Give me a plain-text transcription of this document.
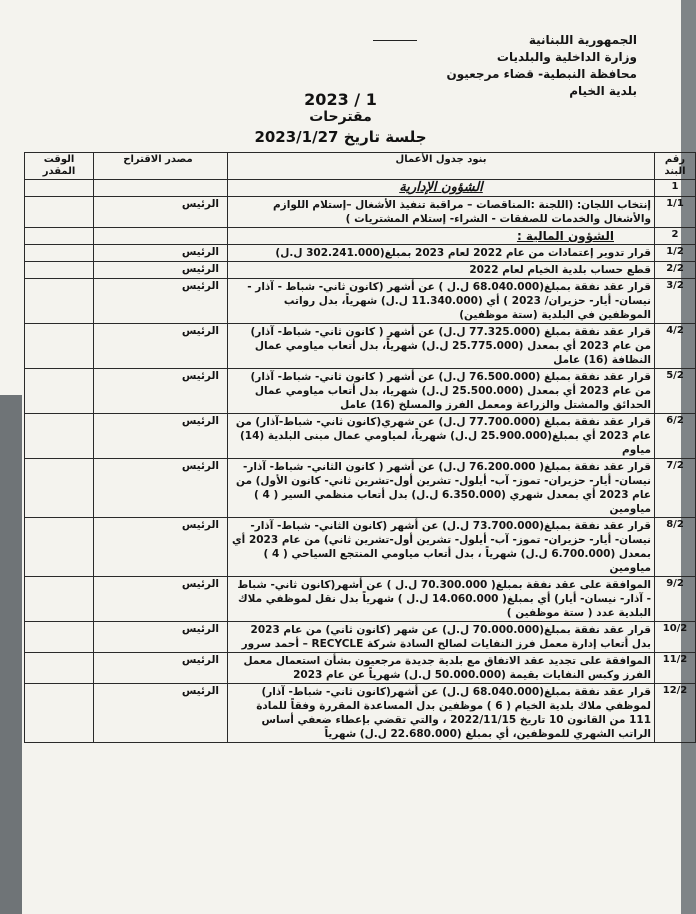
الجمهورية اللبنانية
وزارة الداخلية والبلديات
محافظة النبطية- قضاء مرجعيون
بلدية الخيام
1 / 2023
مقترحات
جلسة تاريخ 2023/1/27
رقم البند	بنود جدول الأعمال	مصدر الاقتراح	الوقت المقدر
1	الشؤون الإدارية		
1/1	إنتخاب اللجان: (اللجنة :المناقصات – مراقبة تنفيذ الأشغال –إستلام اللوازم والأشغال والخدمات للصفقات - الشراء- إستلام المشتريات )	الرئيس	
2	الشؤون المالية :		
1/2	قرار تدوير إعتمادات من عام 2022 لعام 2023 بمبلغ(302.241.000 ل.ل)	الرئيس	
2/2	قطع حساب بلدية الخيام لعام 2022	الرئيس	
3/2	قرار عقد نفقة بمبلغ(68.040.000 ل.ل ) عن أشهر (كانون ثاني- شباط - آذار - نيسان- أيار- حزيران/ 2023 ) أي (11.340.000 ل.ل) شهرياً، بدل رواتب الموظفين في البلدية (ستة موظفين)	الرئيس	
4/2	قرار عقد نفقة بمبلغ (77.325.000 ل.ل) عن أشهر ( كانون ثاني- شباط- آذار) من عام 2023 أي بمعدل (25.775.000 ل.ل) شهرياً، بدل أتعاب مياومي عمال النظافة (16) عامل	الرئيس	
5/2	قرار عقد نفقة بمبلغ (76.500.000 ل.ل) عن أشهر ( كانون ثاني- شباط- آذار) من عام 2023 أي بمعدل (25.500.000 ل.ل) شهريا، بدل أتعاب مياومي عمال الحدائق والمشتل والزراعة ومعمل الفرز والمسلخ (16) عامل	الرئيس	
6/2	قرار عقد نفقة بمبلغ (77.700.000 ل.ل) عن شهري(كانون ثاني- شباط-آذار) من عام 2023 أي بمبلغ(25.900.000 ل.ل) شهرياً، لمياومي عمال مبنى البلدية (14) مياوم	الرئيس	
7/2	قرار عقد نفقة بمبلغ( 76.200.000 ل.ل) عن أشهر ( كانون الثاني- شباط- آذار- نيسان- أيار- حزيران- تموز- آب- أيلول- تشرين أول-تشرين ثاني- كانون الأول) من عام 2023 أي بمعدل شهري (6.350.000 ل.ل) بدل أتعاب منظمي السير ( 4 ) مياومين	الرئيس	
8/2	قرار عقد نفقة بمبلغ(73.700.000 ل.ل) عن أشهر (كانون الثاني- شباط- آذار- نيسان- أيار- حزيران- تموز- آب- أيلول- تشرين أول-تشرين ثاني) من عام 2023 أي بمعدل (6.700.000 ل.ل) شهرياً ، بدل أتعاب مياومي المنتجع السياحي ( 4 ) مياومين	الرئيس	
9/2	الموافقة على عقد نفقة بمبلغ( 70.300.000 ل.ل ) عن أشهر(كانون ثاني- شباط - آذار- نيسان- أيار) أي بمبلغ( 14.060.000 ل.ل ) شهرياً بدل نقل لموظفي ملاك البلدية عدد ( ستة موظفين )	الرئيس	
10/2	قرار عقد نفقة بمبلغ(70.000.000 ل.ل) عن شهر (كانون ثاني) من عام 2023 بدل أتعاب إدارة معمل فرز النفايات لصالح السادة شركة RECYCLE – أحمد سرور	الرئيس	
11/2	الموافقة على تجديد عقد الاتفاق مع بلدية جديدة مرجعيون بشأن استعمال معمل الفرز وكبس النفايات بقيمة (50.000.000 ل.ل) شهرياً عن عام 2023	الرئيس	
12/2	قرار عقد نفقة بمبلغ(68.040.000 ل.ل) عن أشهر(كانون ثاني- شباط- آذار) لموظفي ملاك بلدية الخيام ( 6 ) موظفين بدل المساعدة المقررة وفقاً للمادة 111 من القانون 10 تاريخ 2022/11/15 ، والتي تقضي بإعطاء ضعفي أساس الراتب الشهري للموظفين، أي بمبلغ (22.680.000 ل.ل) شهرياً	الرئيس	
